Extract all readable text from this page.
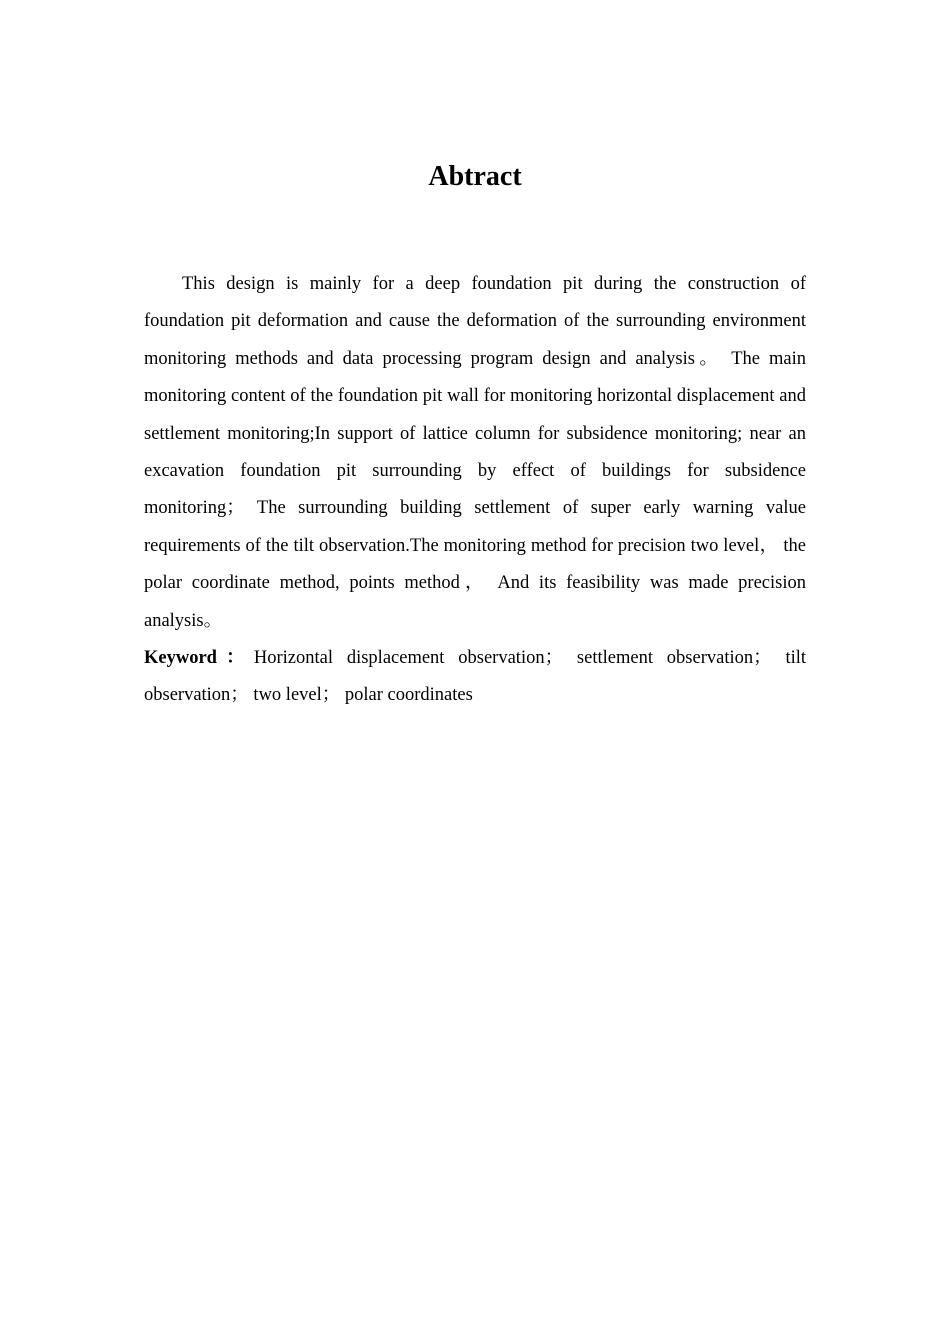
Abtract

This design is mainly for a deep foundation pit during the construction of foundation pit deformation and cause the deformation of the surrounding environment monitoring methods and data processing program design and analysis。 The main monitoring content of the foundation pit wall for monitoring horizontal displacement and settlement monitoring;In support of lattice column for subsidence monitoring; near an excavation foundation pit surrounding by effect of buildings for subsidence monitoring； The surrounding building settlement of super early warning value requirements of the tilt observation.The monitoring method for precision two level， the polar coordinate method, points method， And its feasibility was made precision analysis。

Keyword：Horizontal displacement observation； settlement observation； tilt observation； two level； polar coordinates
